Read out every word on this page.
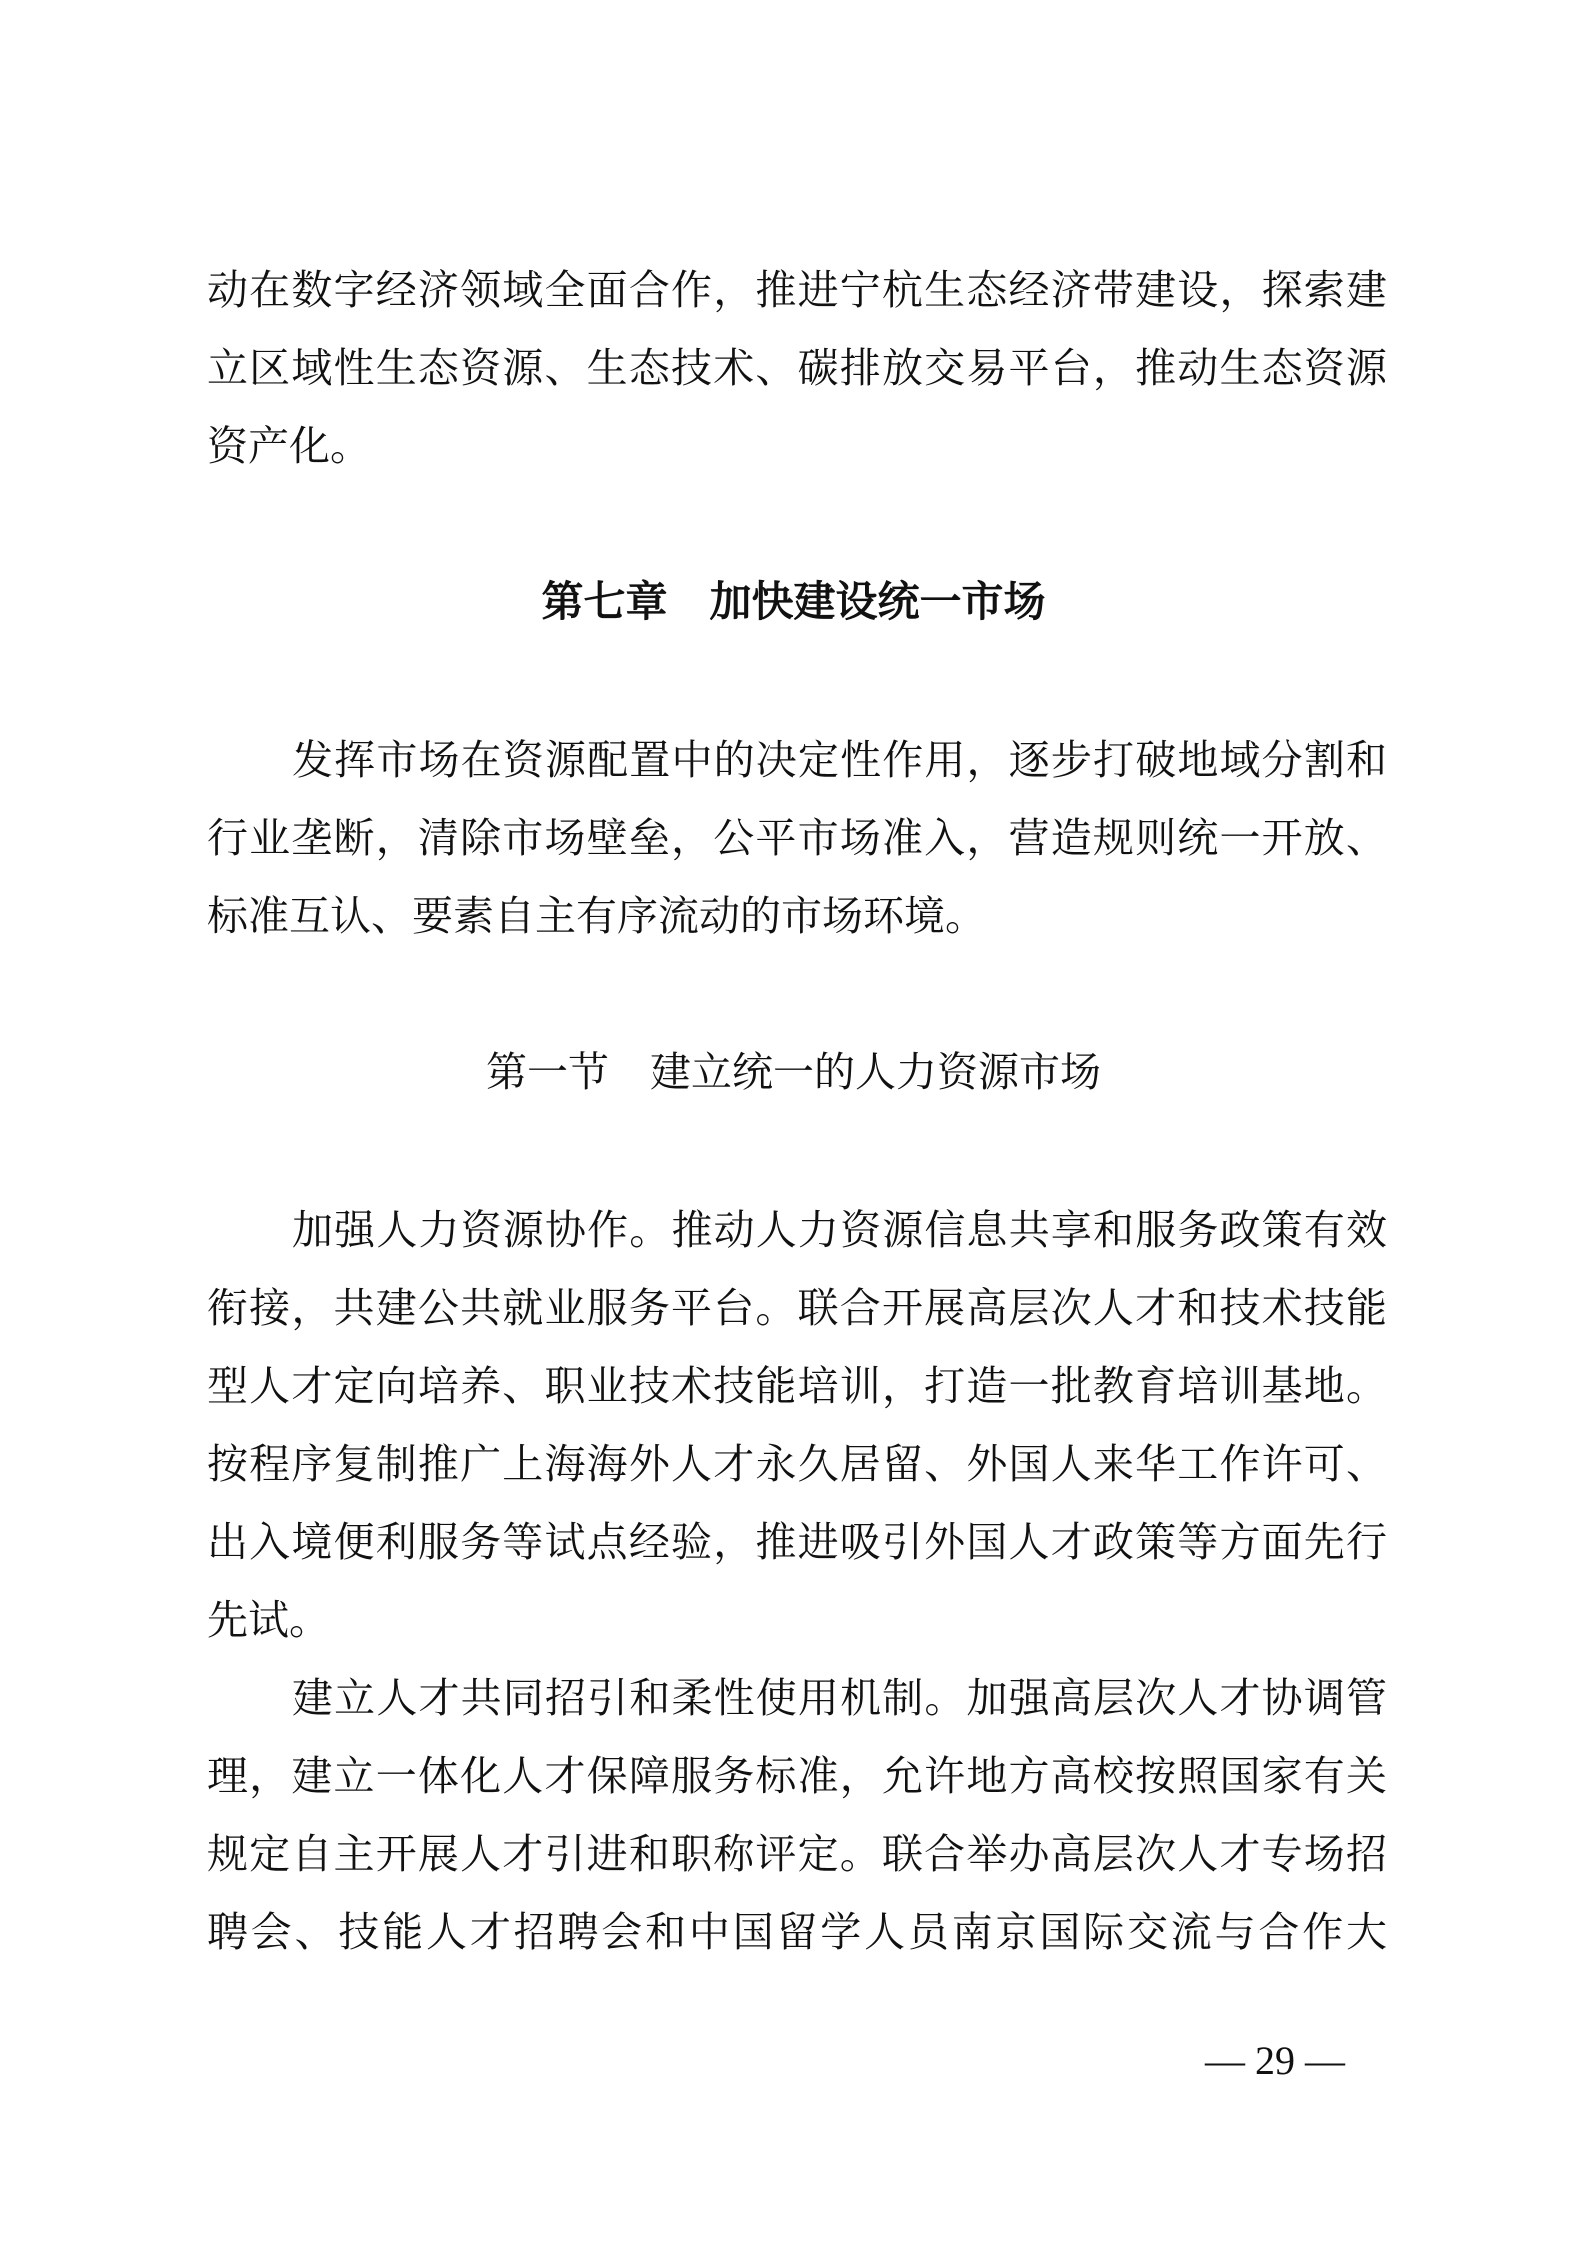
动在数字经济领域全面合作，推进宁杭生态经济带建设，探索建
立区域性生态资源、生态技术、碳排放交易平台，推动生态资源
资产化。
第七章　加快建设统一市场
发挥市场在资源配置中的决定性作用，逐步打破地域分割和
行业垄断，清除市场壁垒，公平市场准入，营造规则统一开放、
标准互认、要素自主有序流动的市场环境。
第一节　建立统一的人力资源市场
加强人力资源协作。推动人力资源信息共享和服务政策有效
衔接，共建公共就业服务平台。联合开展高层次人才和技术技能
型人才定向培养、职业技术技能培训，打造一批教育培训基地。
按程序复制推广上海海外人才永久居留、外国人来华工作许可、
出入境便利服务等试点经验，推进吸引外国人才政策等方面先行
先试。
建立人才共同招引和柔性使用机制。加强高层次人才协调管
理，建立一体化人才保障服务标准，允许地方高校按照国家有关
规定自主开展人才引进和职称评定。联合举办高层次人才专场招
聘会、技能人才招聘会和中国留学人员南京国际交流与合作大
— 29 —
